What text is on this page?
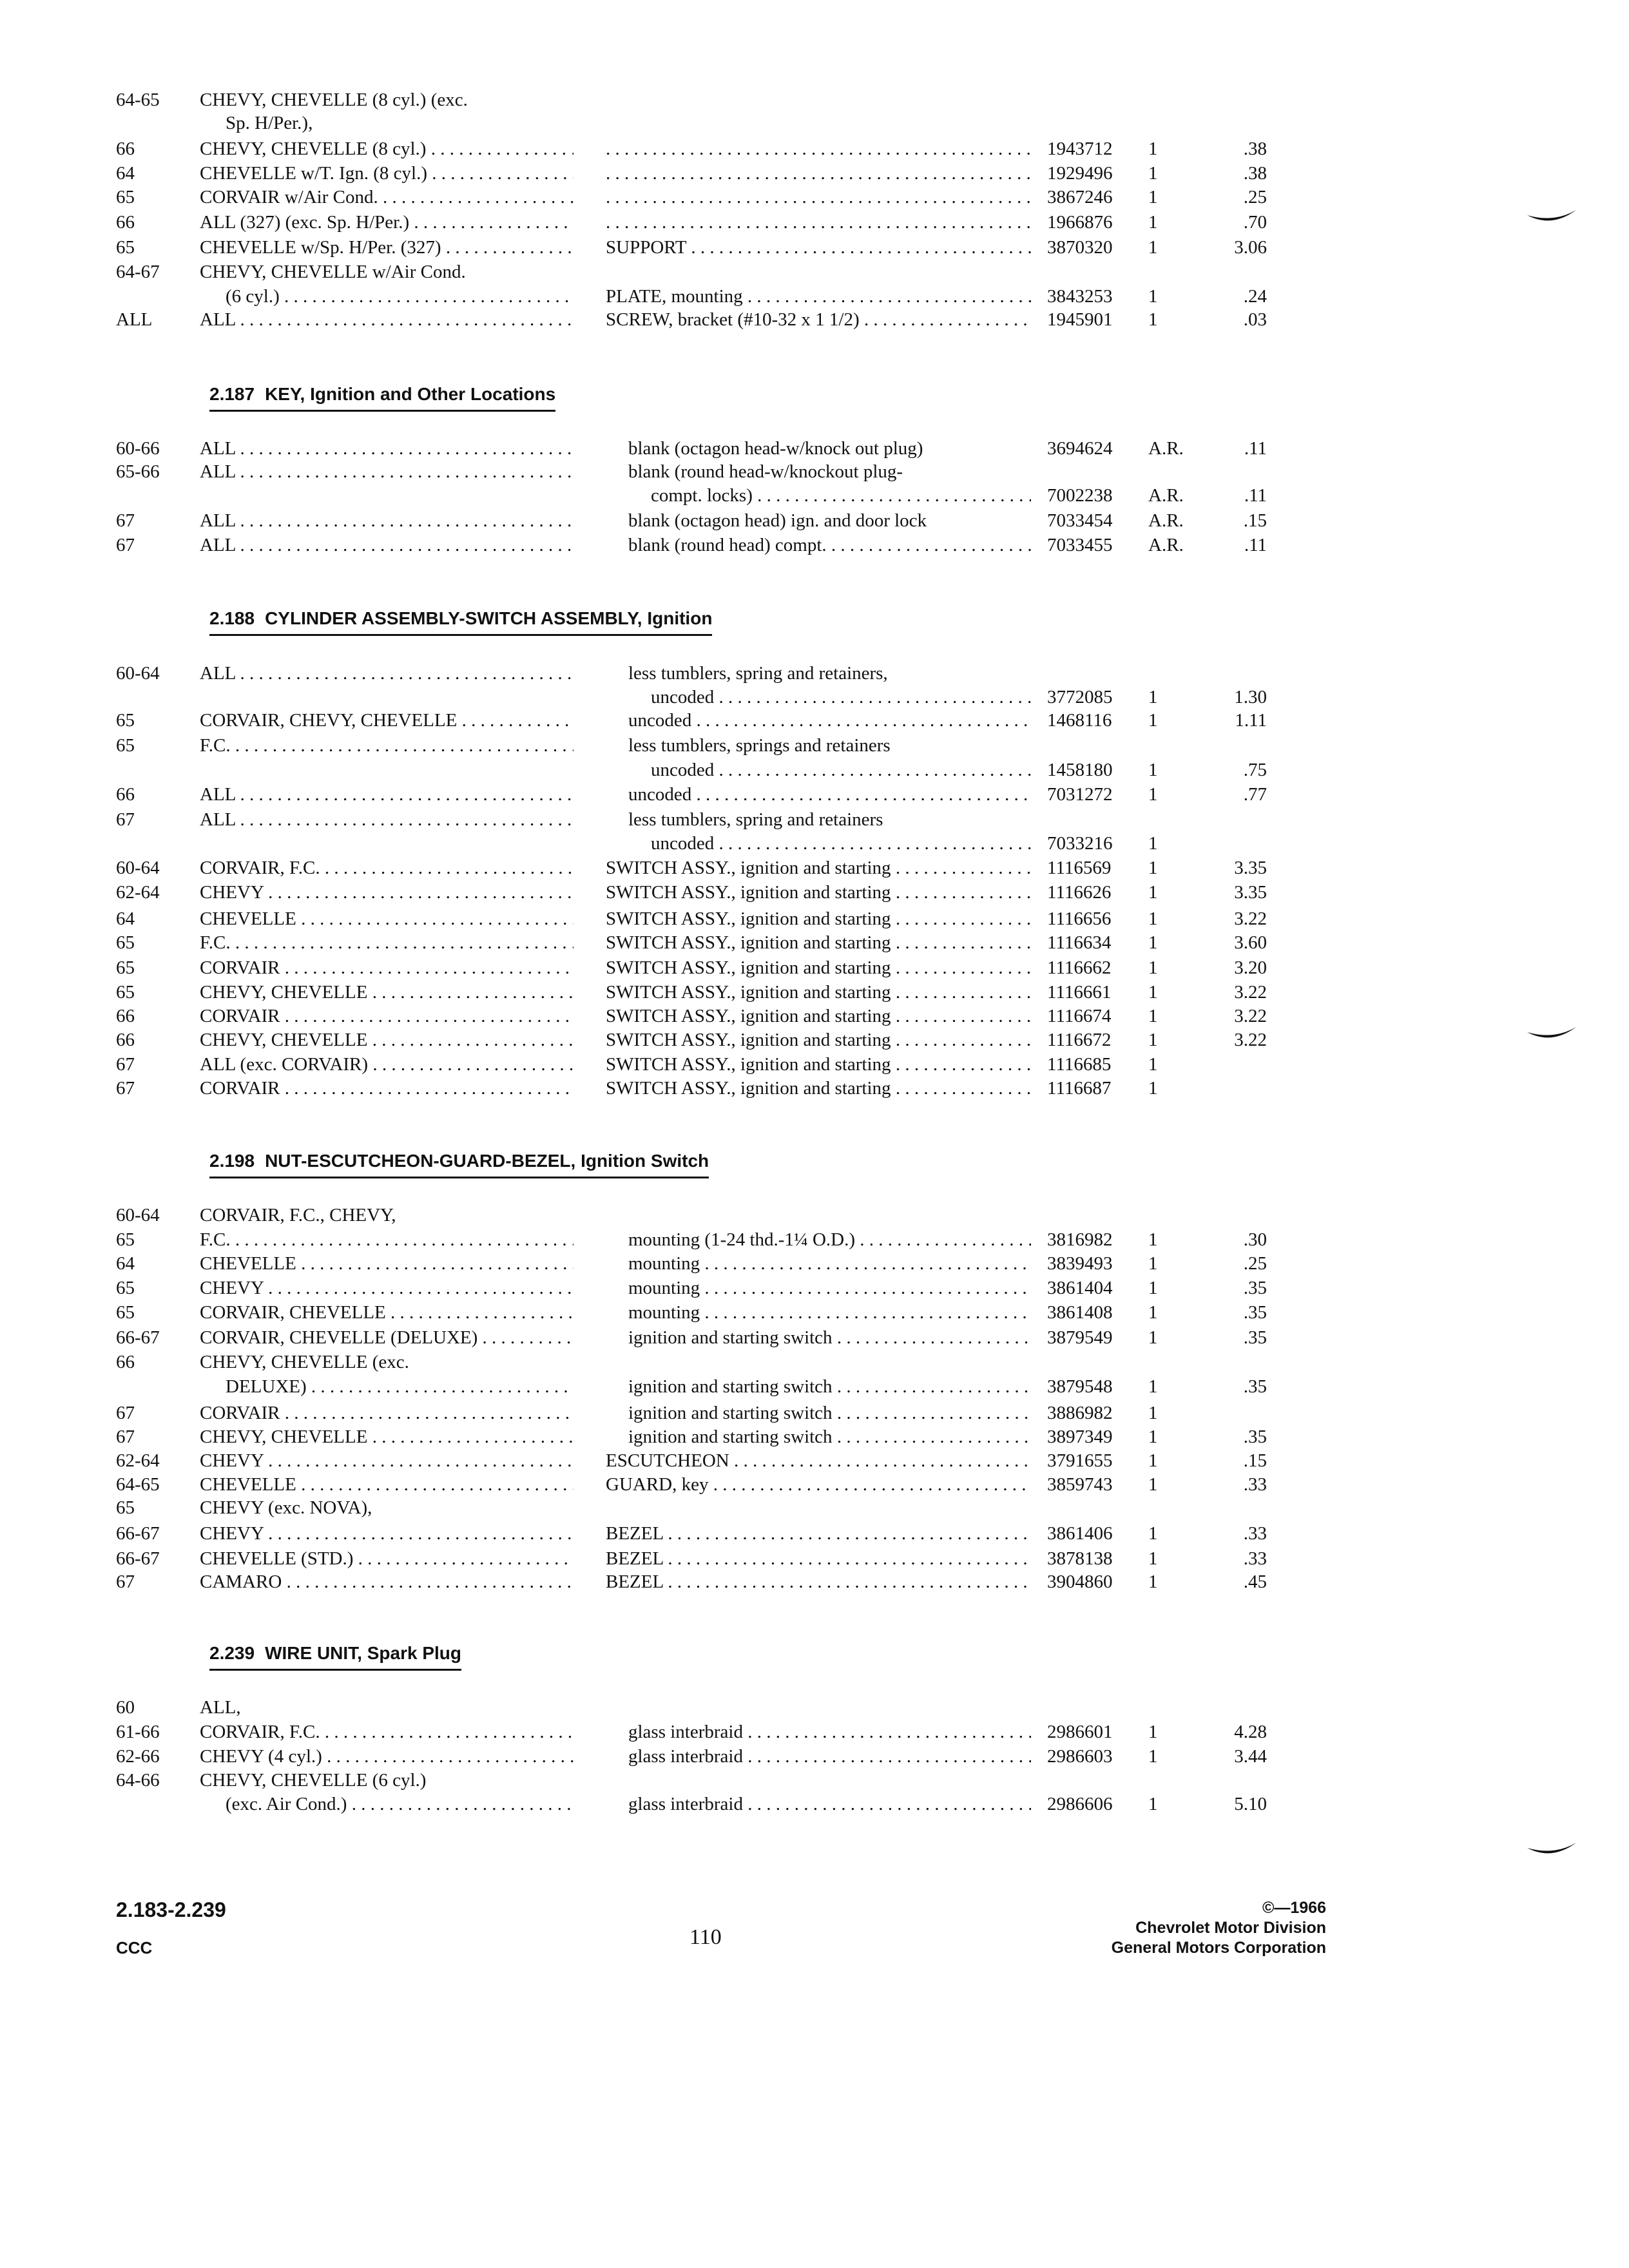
64-65	CHEVY, CHEVELLE (8 cyl.) (exc.
Sp. H/Per.),
66	CHEVY, CHEVELLE (8 cyl.) . . . . . .	1943712	1	.38
64	CHEVELLE w/T. Ign. (8 cyl.) . . . . . .	1929496	1	.38
65	CORVAIR w/Air Cond. . . . . . .	3867246	1	.25
66	ALL (327) (exc. Sp. H/Per.) . . . . . .	1966876	1	.70
65	CHEVELLE w/Sp. H/Per. (327) . . .	SUPPORT . . .	3870320	1	3.06
64-67	CHEVY, CHEVELLE w/Air Cond.
(6 cyl.) . . .	PLATE, mounting . . .	3843253	1	.24
ALL	ALL . . .	SCREW, bracket (#10-32 x 1 1/2) . . .	1945901	1	.03
2.187 KEY, Ignition and Other Locations
60-66	ALL . . .	blank (octagon head-w/knock out plug)	3694624	A.R.	.11
65-66	ALL . . .	blank (round head-w/knockout plug-
compt. locks) . . .	7002238	A.R.	.11
67	ALL . . .	blank (octagon head) ign. and door lock	7033454	A.R.	.15
67	ALL . . .	blank (round head) compt. . . .	7033455	A.R.	.11
2.188 CYLINDER ASSEMBLY-SWITCH ASSEMBLY, Ignition
60-64	ALL . . .	less tumblers, spring and retainers,
uncoded . . .	3772085	1	1.30
65	CORVAIR, CHEVY, CHEVELLE . . .	uncoded . . .	1468116	1	1.11
65	F.C. . . .	less tumblers, springs and retainers
uncoded . . .	1458180	1	.75
66	ALL . . .	uncoded . . .	7031272	1	.77
67	ALL . . .	less tumblers, spring and retainers
uncoded . . .	7033216	1
60-64	CORVAIR, F.C. . . .	SWITCH ASSY., ignition and starting . . .	1116569	1	3.35
62-64	CHEVY . . .	SWITCH ASSY., ignition and starting . . .	1116626	1	3.35
64	CHEVELLE . . .	SWITCH ASSY., ignition and starting . . .	1116656	1	3.22
65	F.C. . . .	SWITCH ASSY., ignition and starting . . .	1116634	1	3.60
65	CORVAIR . . .	SWITCH ASSY., ignition and starting . . .	1116662	1	3.20
65	CHEVY, CHEVELLE . . .	SWITCH ASSY., ignition and starting . . .	1116661	1	3.22
66	CORVAIR . . .	SWITCH ASSY., ignition and starting . . .	1116674	1	3.22
66	CHEVY, CHEVELLE . . .	SWITCH ASSY., ignition and starting . . .	1116672	1	3.22
67	ALL (exc. CORVAIR) . . .	SWITCH ASSY., ignition and starting . . .	1116685	1
67	CORVAIR . . .	SWITCH ASSY., ignition and starting . . .	1116687	1
2.198 NUT-ESCUTCHEON-GUARD-BEZEL, Ignition Switch
60-64	CORVAIR, F.C., CHEVY,
65	F.C. . . .	mounting (1-24 thd.-1¼ O.D.) . . .	3816982	1	.30
64	CHEVELLE . . .	mounting . . .	3839493	1	.25
65	CHEVY . . .	mounting . . .	3861404	1	.35
65	CORVAIR, CHEVELLE . . .	mounting . . .	3861408	1	.35
66-67	CORVAIR, CHEVELLE (DELUXE) . . .	ignition and starting switch . . .	3879549	1	.35
66	CHEVY, CHEVELLE (exc.
DELUXE) . . .	ignition and starting switch . . .	3879548	1	.35
67	CORVAIR . . .	ignition and starting switch . . .	3886982	1
67	CHEVY, CHEVELLE . . .	ignition and starting switch . . .	3897349	1	.35
62-64	CHEVY . . .	ESCUTCHEON . . .	3791655	1	.15
64-65	CHEVELLE . . .	GUARD, key . . .	3859743	1	.33
65	CHEVY (exc. NOVA),
66-67	CHEVY . . .	BEZEL . . .	3861406	1	.33
66-67	CHEVELLE (STD.) . . .	BEZEL . . .	3878138	1	.33
67	CAMARO . . .	BEZEL . . .	3904860	1	.45
2.239 WIRE UNIT, Spark Plug
60	ALL,
61-66	CORVAIR, F.C. . . .	glass interbraid . . .	2986601	1	4.28
62-66	CHEVY (4 cyl.) . . .	glass interbraid . . .	2986603	1	3.44
64-66	CHEVY, CHEVELLE (6 cyl.)
(exc. Air Cond.) . . .	glass interbraid . . .	2986606	1	5.10
2.183-2.239
CCC	110
©—1966
Chevrolet Motor Division
General Motors Corporation
